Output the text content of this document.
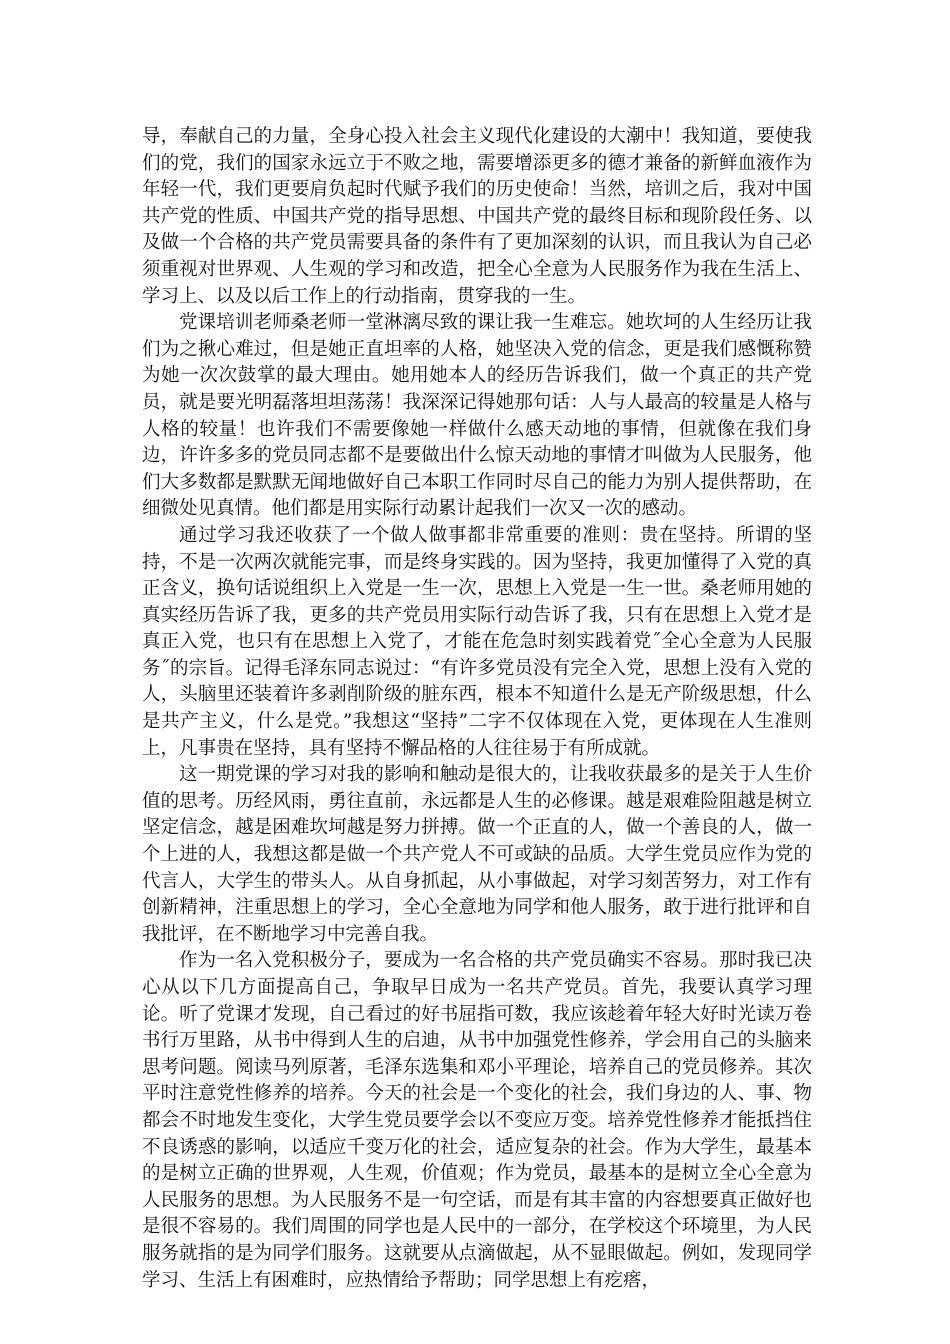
导，奉献自己的力量，全身心投入社会主义现代化建设的大潮中！我知道，要使我们的党，我们的国家永远立于不败之地，需要增添更多的德才兼备的新鲜血液作为年轻一代，我们更要肩负起时代赋予我们的历史使命！当然，培训之后，我对中国共产党的性质、中国共产党的指导思想、中国共产党的最终目标和现阶段任务、以及做一个合格的共产党员需要具备的条件有了更加深刻的认识，而且我认为自己必须重视对世界观、人生观的学习和改造，把全心全意为人民服务作为我在生活上、学习上、以及以后工作上的行动指南，贯穿我的一生。

党课培训老师桑老师一堂淋漓尽致的课让我一生难忘。她坎坷的人生经历让我们为之揪心难过，但是她正直坦率的人格，她坚决入党的信念，更是我们感慨称赞为她一次次鼓掌的最大理由。她用她本人的经历告诉我们，做一个真正的共产党员，就是要光明磊落坦坦荡荡！我深深记得她那句话：人与人最高的较量是人格与人格的较量！也许我们不需要像她一样做什么感天动地的事情，但就像在我们身边，许许多多的党员同志都不是要做出什么惊天动地的事情才叫做为人民服务，他们大多数都是默默无闻地做好自己本职工作同时尽自己的能力为别人提供帮助，在细微处见真情。他们都是用实际行动累计起我们一次又一次的感动。

通过学习我还收获了一个做人做事都非常重要的准则：贵在坚持。所谓的坚持，不是一次两次就能完事，而是终身实践的。因为坚持，我更加懂得了入党的真正含义，换句话说组织上入党是一生一次，思想上入党是一生一世。桑老师用她的真实经历告诉了我，更多的共产党员用实际行动告诉了我，只有在思想上入党才是真正入党，也只有在思想上入党了，才能在危急时刻实践着党˝全心全意为人民服务˝的宗旨。记得毛泽东同志说过：“有许多党员没有完全入党，思想上没有入党的人，头脑里还装着许多剥削阶级的脏东西，根本不知道什么是无产阶级思想，什么是共产主义，什么是党。”我想这“坚持”二字不仅体现在入党，更体现在人生准则上，凡事贵在坚持，具有坚持不懈品格的人往往易于有所成就。

这一期党课的学习对我的影响和触动是很大的，让我收获最多的是关于人生价值的思考。历经风雨，勇往直前，永远都是人生的必修课。越是艰难险阻越是树立坚定信念，越是困难坎坷越是努力拼搏。做一个正直的人，做一个善良的人，做一个上进的人，我想这都是做一个共产党人不可或缺的品质。大学生党员应作为党的代言人，大学生的带头人。从自身抓起，从小事做起，对学习刻苦努力，对工作有创新精神，注重思想上的学习，全心全意地为同学和他人服务，敢于进行批评和自我批评，在不断地学习中完善自我。

作为一名入党积极分子，要成为一名合格的共产党员确实不容易。那时我已决心从以下几方面提高自己，争取早日成为一名共产党员。首先，我要认真学习理论。听了党课才发现，自己看过的好书屈指可数，我应该趁着年轻大好时光读万卷书行万里路，从书中得到人生的启迪，从书中加强党性修养，学会用自己的头脑来思考问题。阅读马列原著，毛泽东选集和邓小平理论，培养自己的党员修养。其次平时注意党性修养的培养。今天的社会是一个变化的社会，我们身边的人、事、物都会不时地发生变化，大学生党员要学会以不变应万变。培养党性修养才能抵挡住不良诱惑的影响，以适应千变万化的社会，适应复杂的社会。作为大学生，最基本的是树立正确的世界观，人生观，价值观；作为党员，最基本的是树立全心全意为人民服务的思想。为人民服务不是一句空话，而是有其丰富的内容想要真正做好也是很不容易的。我们周围的同学也是人民中的一部分，在学校这个环境里，为人民服务就指的是为同学们服务。这就要从点滴做起，从不显眼做起。例如，发现同学学习、生活上有困难时，应热情给予帮助；同学思想上有疙瘩，
